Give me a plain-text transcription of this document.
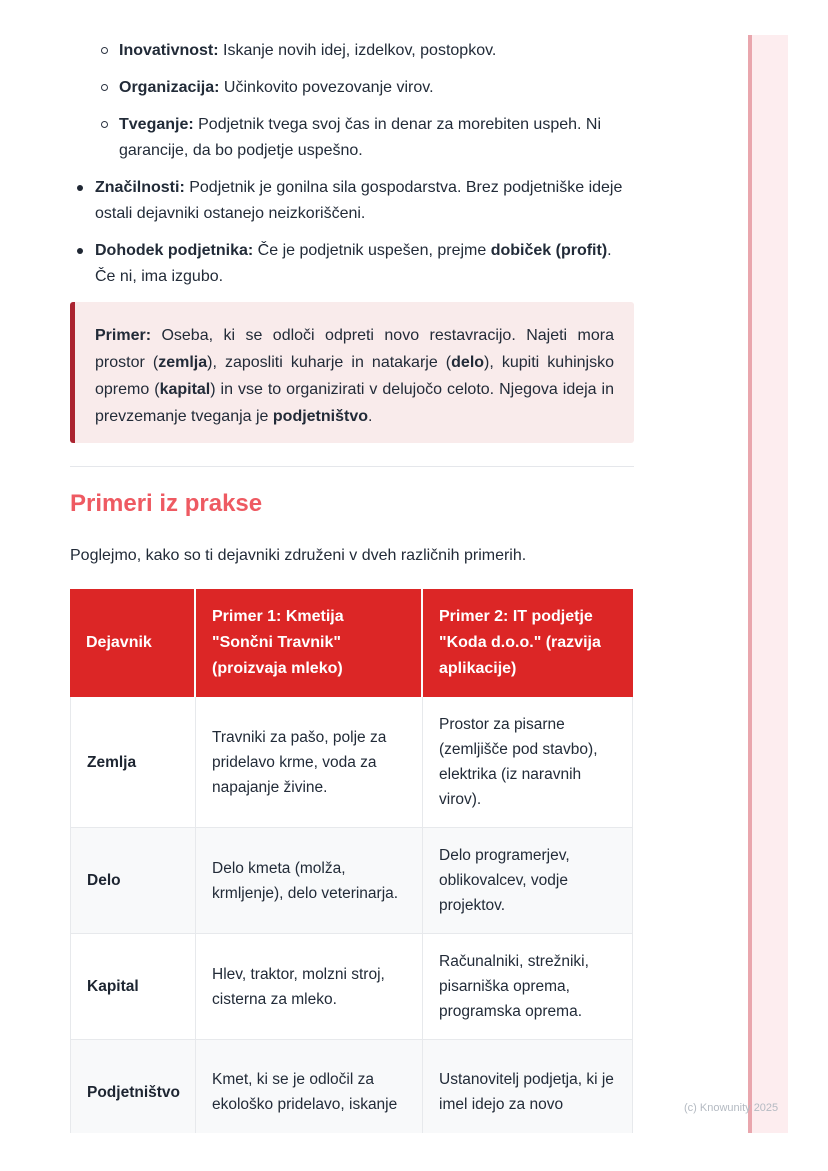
Inovativnost: Iskanje novih idej, izdelkov, postopkov.
Organizacija: Učinkovito povezovanje virov.
Tveganje: Podjetnik tvega svoj čas in denar za morebiten uspeh. Ni garancije, da bo podjetje uspešno.
Značilnosti: Podjetnik je gonilna sila gospodarstva. Brez podjetniške ideje ostali dejavniki ostanejo neizkoriščeni.
Dohodek podjetnika: Če je podjetnik uspešen, prejme dobiček (profit). Če ni, ima izgubo.

Primer: Oseba, ki se odloči odpreti novo restavracijo. Najeti mora prostor (zemlja), zaposliti kuharje in natakarje (delo), kupiti kuhinjsko opremo (kapital) in vse to organizirati v delujočo celoto. Njegova ideja in prevzemanje tveganja je podjetništvo.

Primeri iz prakse

Poglejmo, kako so ti dejavniki združeni v dveh različnih primerih.

Dejavnik	Primer 1: Kmetija "Sončni Travnik" (proizvaja mleko)	Primer 2: IT podjetje "Koda d.o.o." (razvija aplikacije)
Zemlja	Travniki za pašo, polje za pridelavo krme, voda za napajanje živine.	Prostor za pisarne (zemljišče pod stavbo), elektrika (iz naravnih virov).
Delo	Delo kmeta (molža, krmljenje), delo veterinarja.	Delo programerjev, oblikovalcev, vodje projektov.
Kapital	Hlev, traktor, molzni stroj, cisterna za mleko.	Računalniki, strežniki, pisarniška oprema, programska oprema.
Podjetništvo	Kmet, ki se je odločil za ekološko pridelavo, iskanje	Ustanovitelj podjetja, ki je imel idejo za novo	(c) Knowunity 2025
